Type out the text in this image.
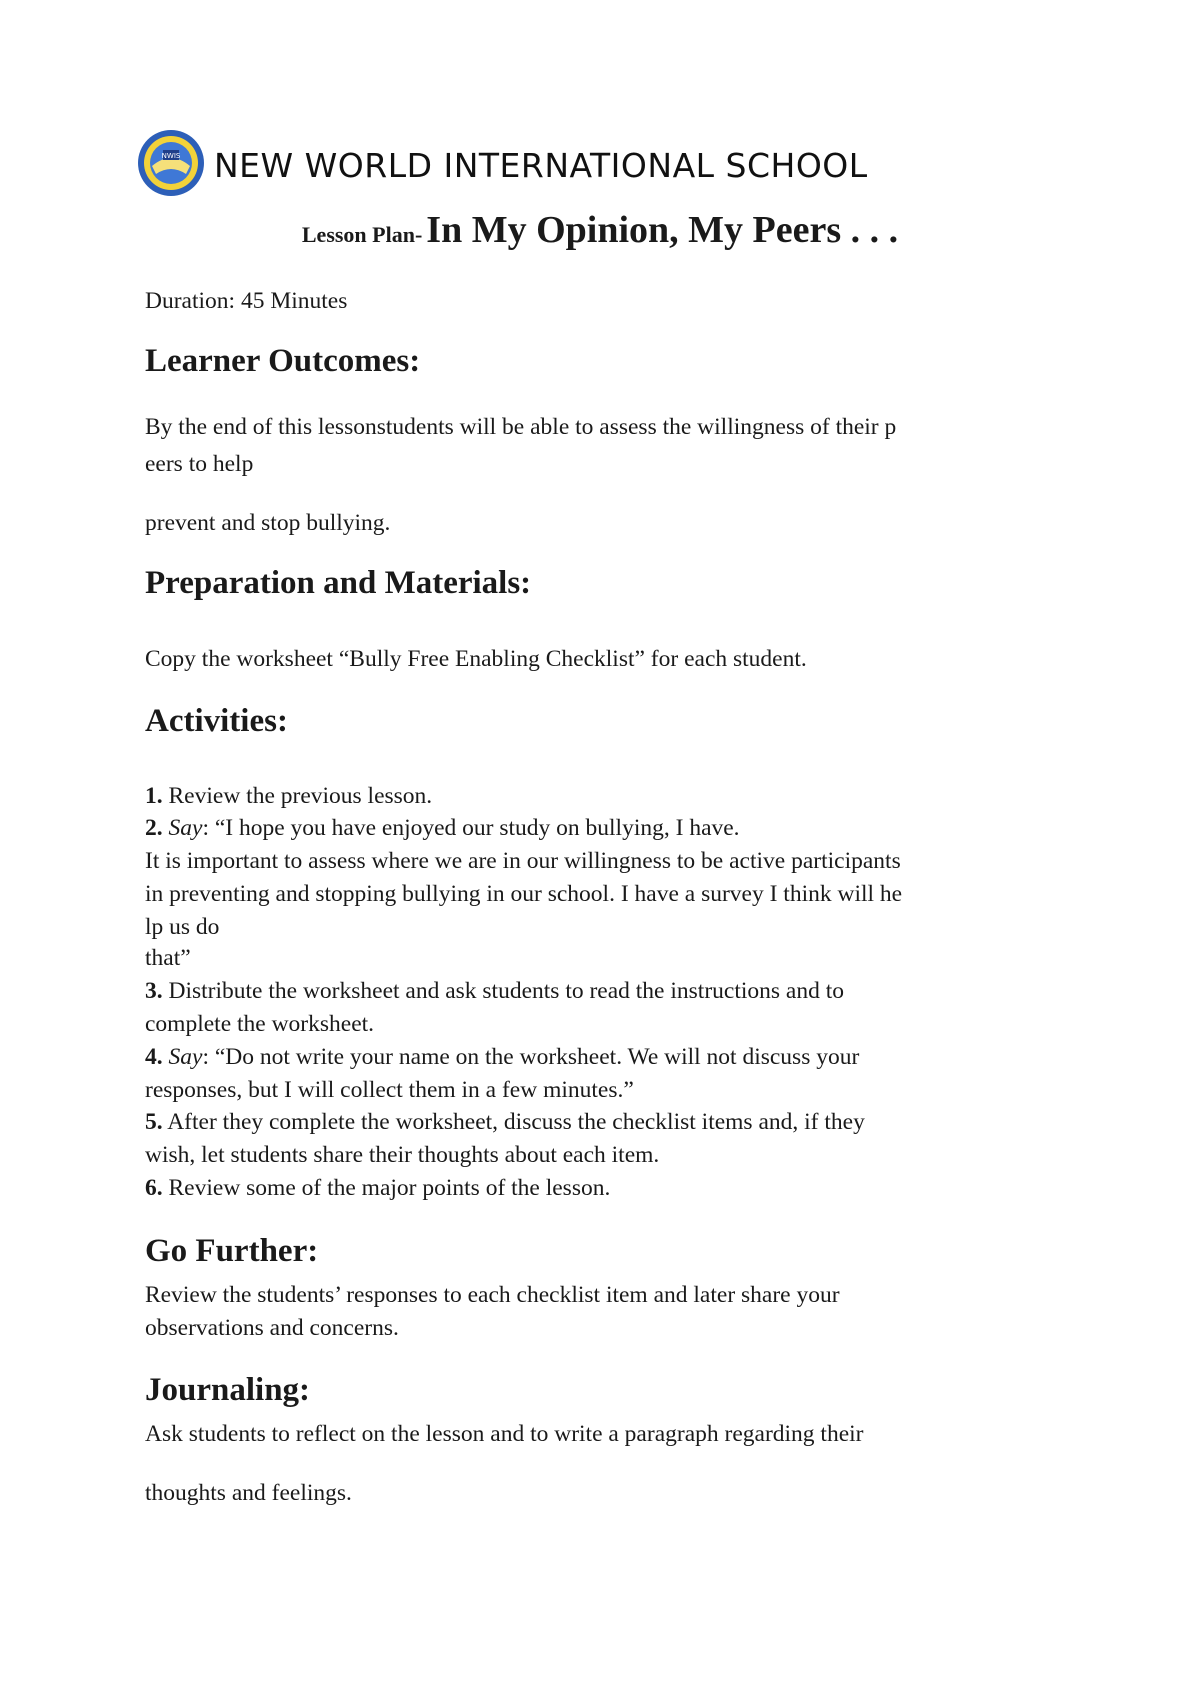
NWIS NEW WORLD INTERNATIONAL SCHOOL
Lesson Plan- In My Opinion, My Peers . . .
Duration: 45 Minutes
Learner Outcomes:
By the end of this lessonstudents will be able to assess the willingness of their p
eers to help
prevent and stop bullying.
Preparation and Materials:
Copy the worksheet “Bully Free Enabling Checklist” for each student.
Activities:
1. Review the previous lesson.
2. Say: “I hope you have enjoyed our study on bullying, I have.
It is important to assess where we are in our willingness to be active participants
in preventing and stopping bullying in our school. I have a survey I think will he
lp us do
that”
3. Distribute the worksheet and ask students to read the instructions and to
complete the worksheet.
4. Say: “Do not write your name on the worksheet. We will not discuss your
responses, but I will collect them in a few minutes.”
5. After they complete the worksheet, discuss the checklist items and, if they
wish, let students share their thoughts about each item.
6. Review some of the major points of the lesson.
Go Further:
Review the students’ responses to each checklist item and later share your
observations and concerns.
Journaling:
Ask students to reflect on the lesson and to write a paragraph regarding their
thoughts and feelings.
